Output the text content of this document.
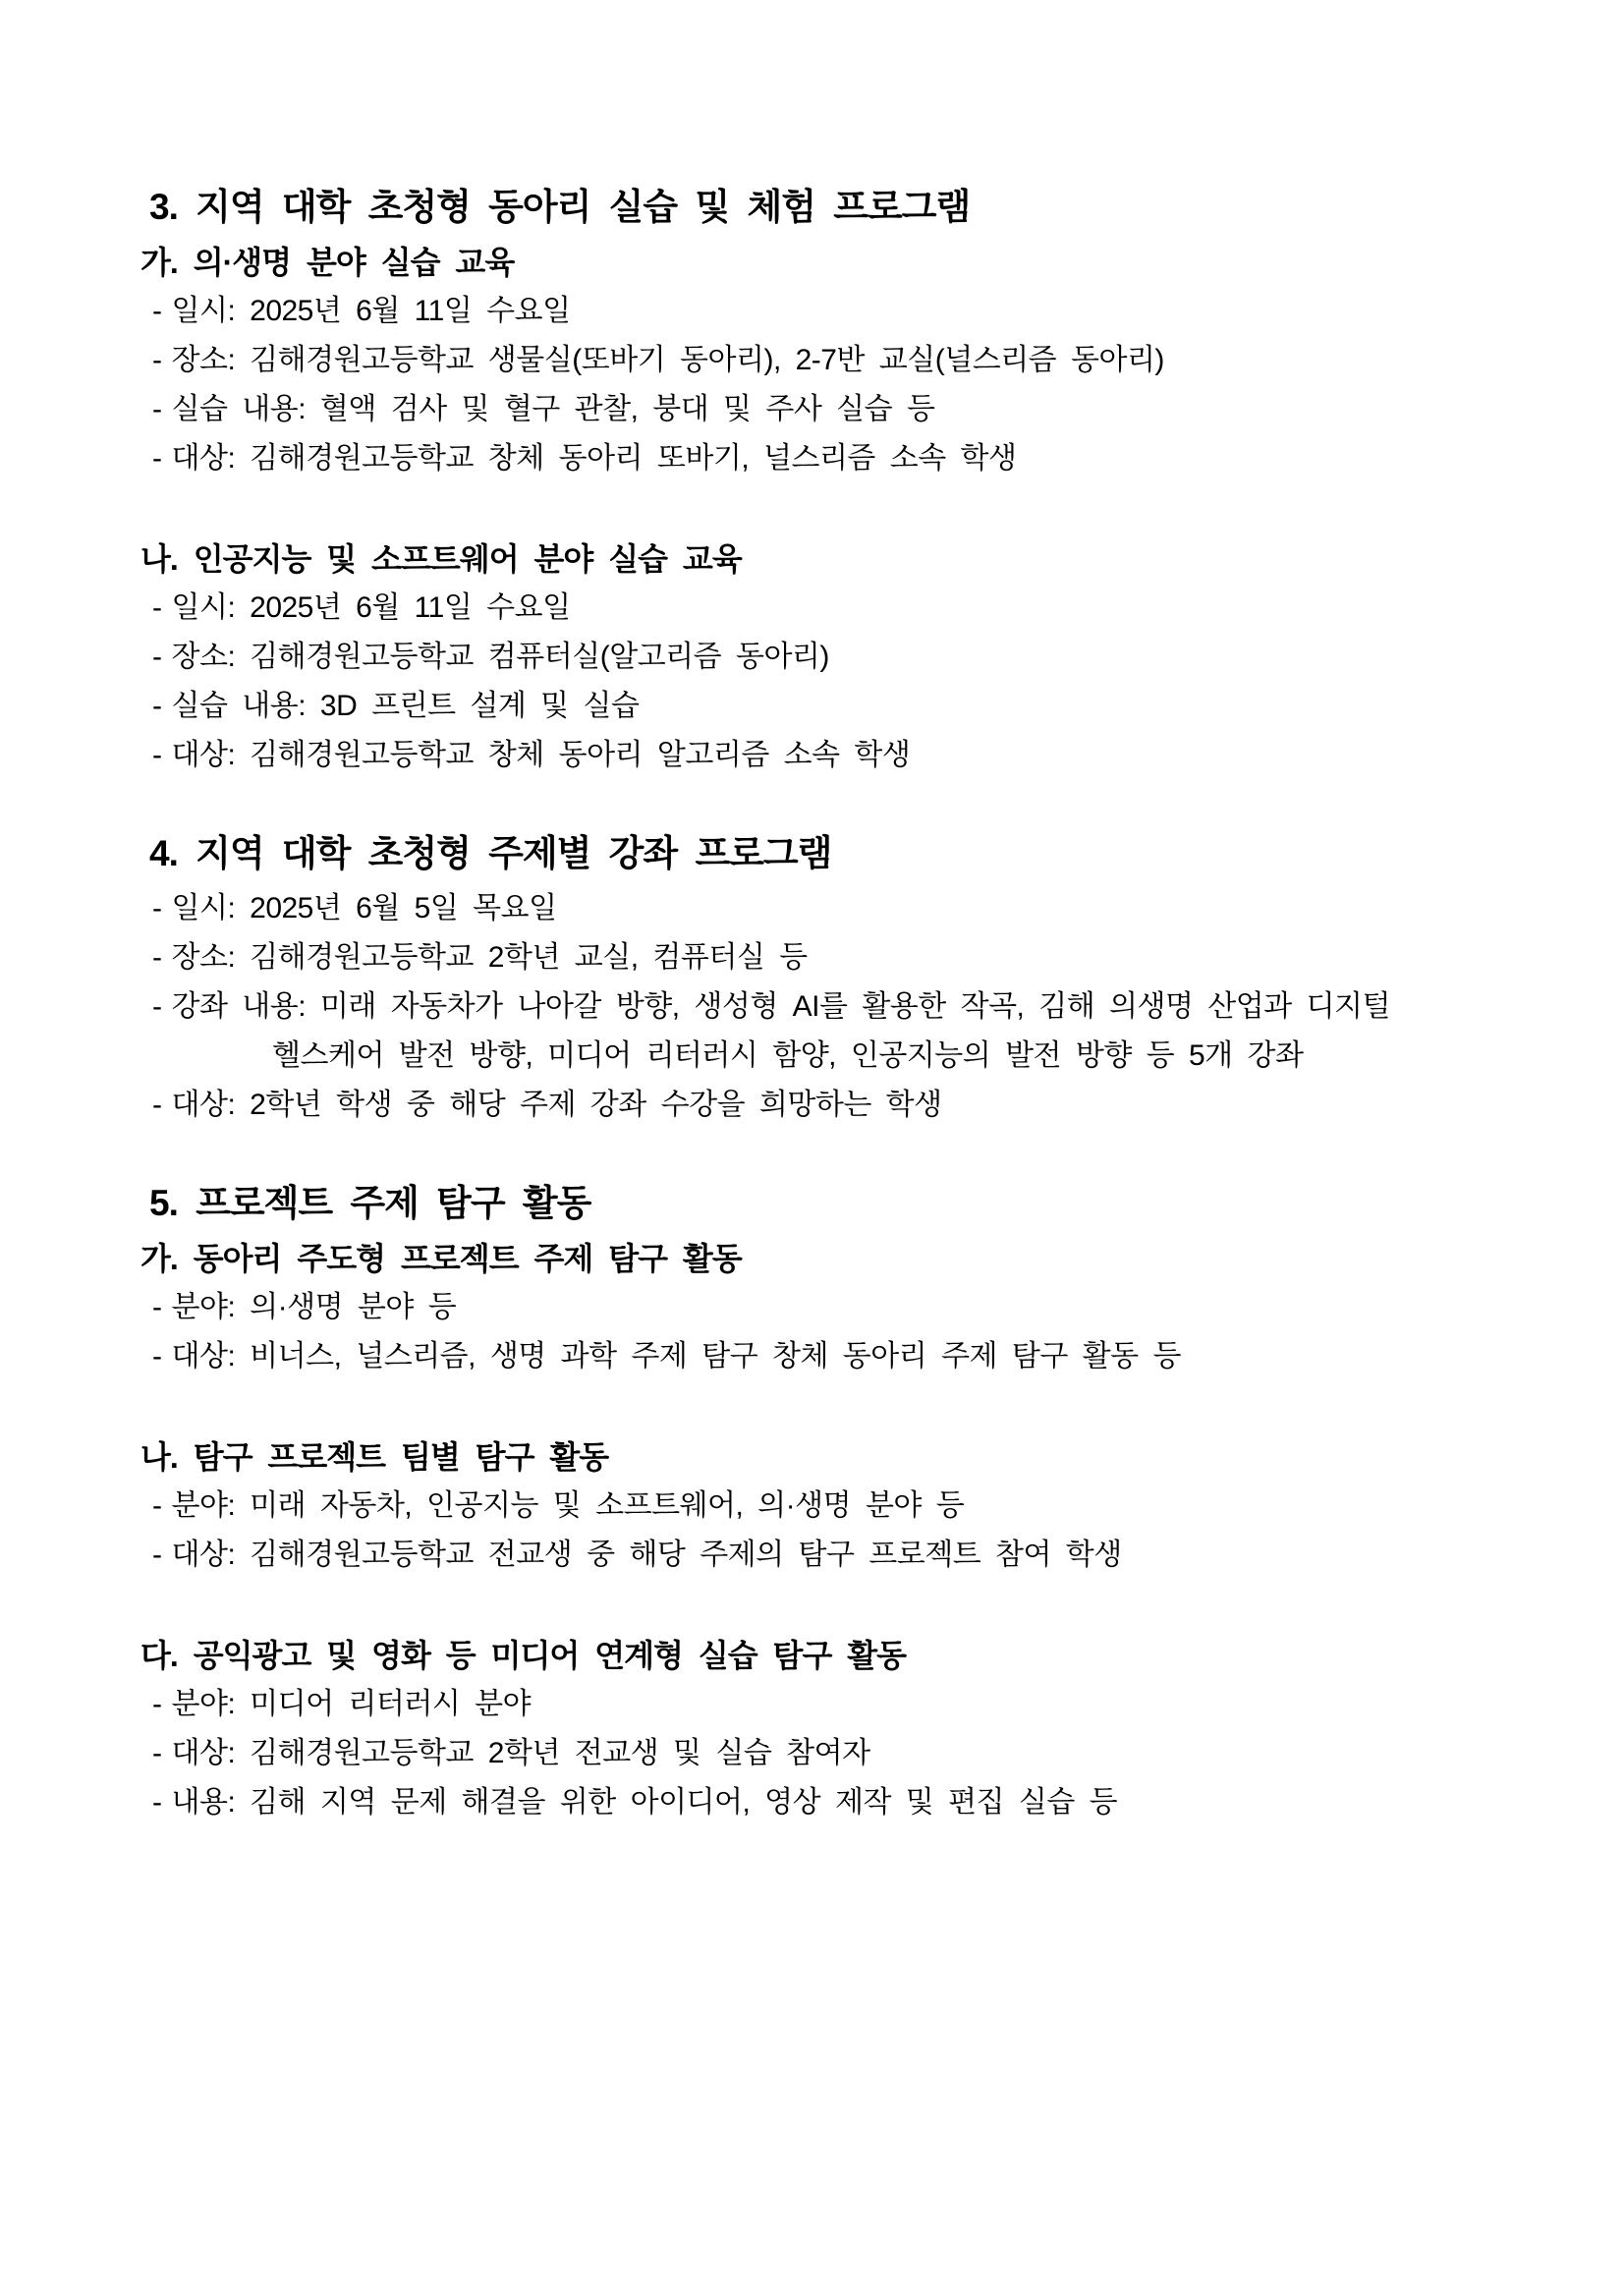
3. 지역 대학 초청형 동아리 실습 및 체험 프로그램
가. 의·생명 분야 실습 교육
- 일시: 2025년 6월 11일 수요일
- 장소: 김해경원고등학교 생물실(또바기 동아리), 2-7반 교실(널스리즘 동아리)
- 실습 내용: 혈액 검사 및 혈구 관찰, 붕대 및 주사 실습 등
- 대상: 김해경원고등학교 창체 동아리 또바기, 널스리즘 소속 학생
나. 인공지능 및 소프트웨어 분야 실습 교육
- 일시: 2025년 6월 11일 수요일
- 장소: 김해경원고등학교 컴퓨터실(알고리즘 동아리)
- 실습 내용: 3D 프린트 설계 및 실습
- 대상: 김해경원고등학교 창체 동아리 알고리즘 소속 학생
4. 지역 대학 초청형 주제별 강좌 프로그램
- 일시: 2025년 6월 5일 목요일
- 장소: 김해경원고등학교 2학년 교실, 컴퓨터실 등
- 강좌 내용: 미래 자동차가 나아갈 방향, 생성형 AI를 활용한 작곡, 김해 의생명 산업과 디지털
헬스케어 발전 방향, 미디어 리터러시 함양, 인공지능의 발전 방향 등 5개 강좌
- 대상: 2학년 학생 중 해당 주제 강좌 수강을 희망하는 학생
5. 프로젝트 주제 탐구 활동
가. 동아리 주도형 프로젝트 주제 탐구 활동
- 분야: 의·생명 분야 등
- 대상: 비너스, 널스리즘, 생명 과학 주제 탐구 창체 동아리 주제 탐구 활동 등
나. 탐구 프로젝트 팀별 탐구 활동
- 분야: 미래 자동차, 인공지능 및 소프트웨어, 의·생명 분야 등
- 대상: 김해경원고등학교 전교생 중 해당 주제의 탐구 프로젝트 참여 학생
다. 공익광고 및 영화 등 미디어 연계형 실습 탐구 활동
- 분야: 미디어 리터러시 분야
- 대상: 김해경원고등학교 2학년 전교생 및 실습 참여자
- 내용: 김해 지역 문제 해결을 위한 아이디어, 영상 제작 및 편집 실습 등
